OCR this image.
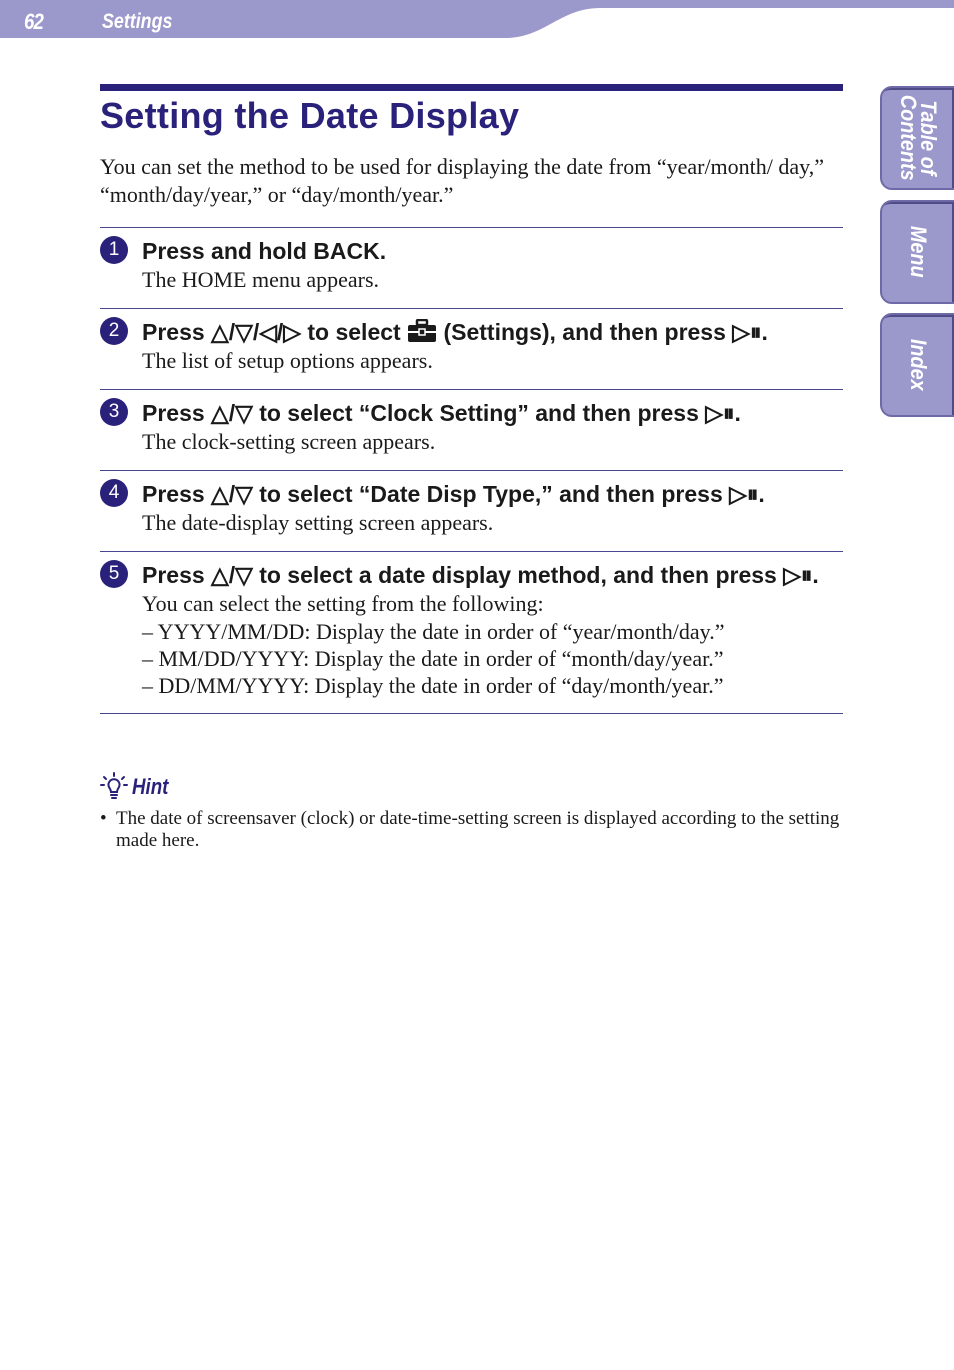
62	Settings
Table of Contents
Menu
Index
Setting the Date Display

You can set the method to be used for displaying the date from “year/month/ day,” “month/day/year,” or “day/month/year.”

1 Press and hold BACK.
The HOME menu appears.
2 Press △/▽/◁/▷ to select  (Settings), and then press ▷⏸.
The list of setup options appears.
3 Press △/▽ to select “Clock Setting” and then press ▷⏸.
The clock-setting screen appears.
4 Press △/▽ to select “Date Disp Type,” and then press ▷⏸.
The date-display setting screen appears.
5 Press △/▽ to select a date display method, and then press ▷⏸.
You can select the setting from the following:
– YYYY/MM/DD: Display the date in order of “year/month/day.”
– MM/DD/YYYY: Display the date in order of “month/day/year.”
– DD/MM/YYYY: Display the date in order of “day/month/year.”
Hint
• The date of screensaver (clock) or date-time-setting screen is displayed according to the setting made here.
